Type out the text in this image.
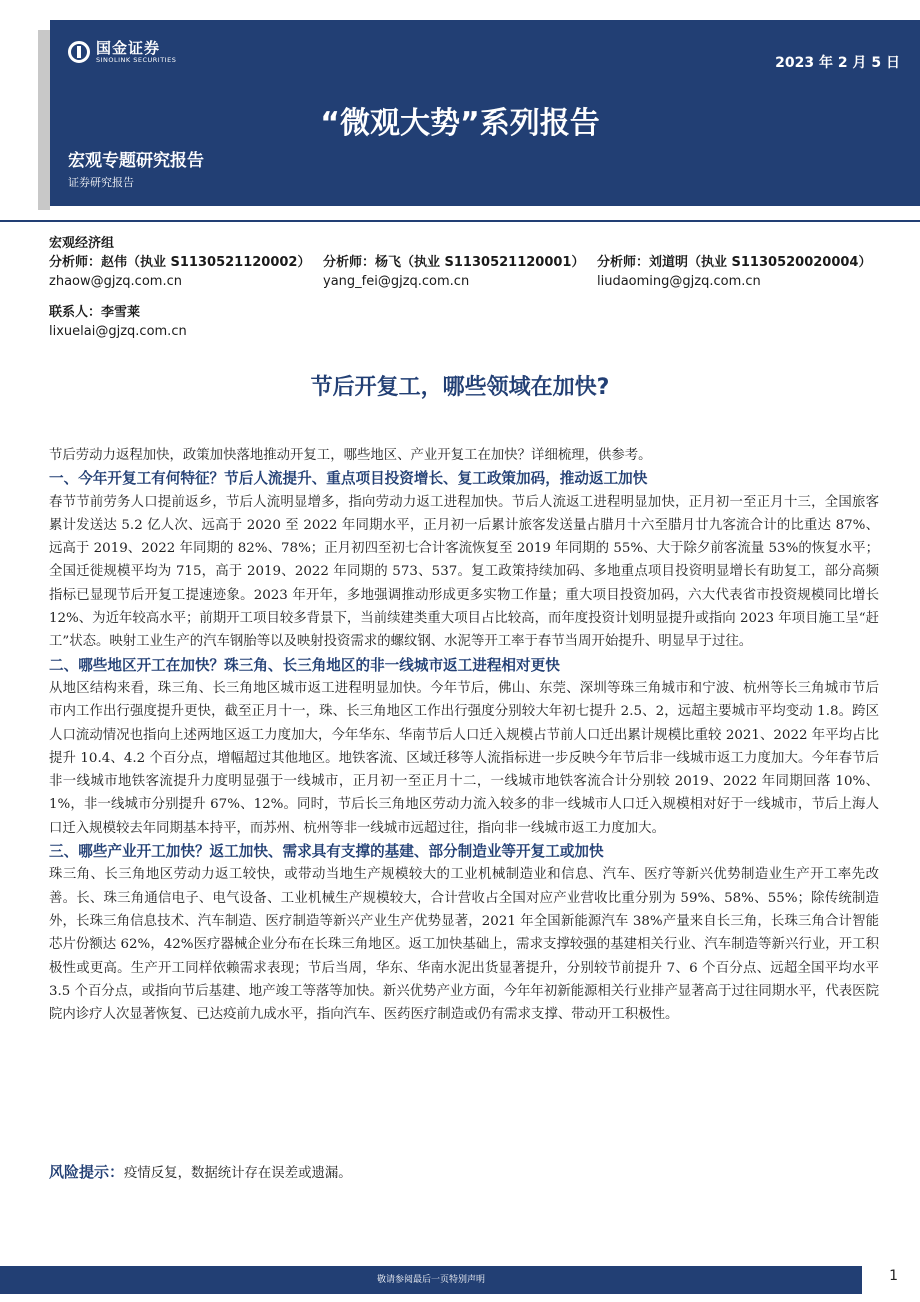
国金证券
SINOLINK SECURITIES	2023 年 2 月 5 日
“微观大势”系列报告
宏观专题研究报告
证券研究报告
宏观经济组
分析师：赵伟（执业 S1130521120002）
zhaow@gjzq.com.cn
分析师：杨飞（执业 S1130521120001）
yang_fei@gjzq.com.cn
分析师：刘道明（执业 S1130520020004）
liudaoming@gjzq.com.cn
联系人：李雪莱
lixuelai@gjzq.com.cn
节后开复工，哪些领域在加快?

节后劳动力返程加快，政策加快落地推动开复工，哪些地区、产业开复工在加快？详细梳理，供参考。

一、今年开复工有何特征？节后人流提升、重点项目投资增长、复工政策加码，推动返工加快

春节节前劳务人口提前返乡，节后人流明显增多，指向劳动力返工进程加快。节后人流返工进程明显加快，正月初一至正月十三，全国旅客累计发送达 5.2 亿人次、远高于 2020 至 2022 年同期水平，正月初一后累计旅客发送量占腊月十六至腊月廿九客流合计的比重达 87%、远高于 2019、2022 年同期的 82%、78%；正月初四至初七合计客流恢复至 2019 年同期的 55%、大于除夕前客流量 53%的恢复水平；全国迁徙规模平均为 715，高于 2019、2022 年同期的 573、537。复工政策持续加码、多地重点项目投资明显增长有助复工，部分高频指标已显现节后开复工提速迹象。2023 年开年，多地强调推动形成更多实物工作量；重大项目投资加码，六大代表省市投资规模同比增长 12%、为近年较高水平；前期开工项目较多背景下，当前续建类重大项目占比较高，而年度投资计划明显提升或指向 2023 年项目施工呈“赶工”状态。映射工业生产的汽车钢胎等以及映射投资需求的螺纹钢、水泥等开工率于春节当周开始提升、明显早于过往。

二、哪些地区开工在加快？珠三角、长三角地区的非一线城市返工进程相对更快

从地区结构来看，珠三角、长三角地区城市返工进程明显加快。今年节后，佛山、东莞、深圳等珠三角城市和宁波、杭州等长三角城市节后市内工作出行强度提升更快，截至正月十一，珠、长三角地区工作出行强度分别较大年初七提升 2.5、2，远超主要城市平均变动 1.8。跨区人口流动情况也指向上述两地区返工力度加大，今年华东、华南节后人口迁入规模占节前人口迁出累计规模比重较 2021、2022 年平均占比提升 10.4、4.2 个百分点，增幅超过其他地区。地铁客流、区域迁移等人流指标进一步反映今年节后非一线城市返工力度加大。今年春节后非一线城市地铁客流提升力度明显强于一线城市，正月初一至正月十二，一线城市地铁客流合计分别较 2019、2022 年同期回落 10%、1%，非一线城市分别提升 67%、12%。同时，节后长三角地区劳动力流入较多的非一线城市人口迁入规模相对好于一线城市，节后上海人口迁入规模较去年同期基本持平，而苏州、杭州等非一线城市远超过往，指向非一线城市返工力度加大。

三、哪些产业开工加快？返工加快、需求具有支撑的基建、部分制造业等开复工或加快

珠三角、长三角地区劳动力返工较快，或带动当地生产规模较大的工业机械制造业和信息、汽车、医疗等新兴优势制造业生产开工率先改善。长、珠三角通信电子、电气设备、工业机械生产规模较大，合计营收占全国对应产业营收比重分别为 59%、58%、55%；除传统制造外，长珠三角信息技术、汽车制造、医疗制造等新兴产业生产优势显著，2021 年全国新能源汽车 38%产量来自长三角，长珠三角合计智能芯片份额达 62%，42%医疗器械企业分布在长珠三角地区。返工加快基础上，需求支撑较强的基建相关行业、汽车制造等新兴行业，开工积极性或更高。生产开工同样依赖需求表现；节后当周，华东、华南水泥出货显著提升，分别较节前提升 7、6 个百分点、远超全国平均水平 3.5 个百分点，或指向节后基建、地产竣工等落等加快。新兴优势产业方面，今年年初新能源相关行业排产显著高于过往同期水平，代表医院院内诊疗人次显著恢复、已达疫前九成水平，指向汽车、医药医疗制造或仍有需求支撑、带动开工积极性。

风险提示：疫情反复，数据统计存在误差或遗漏。
敬请参阅最后一页特别声明	1
